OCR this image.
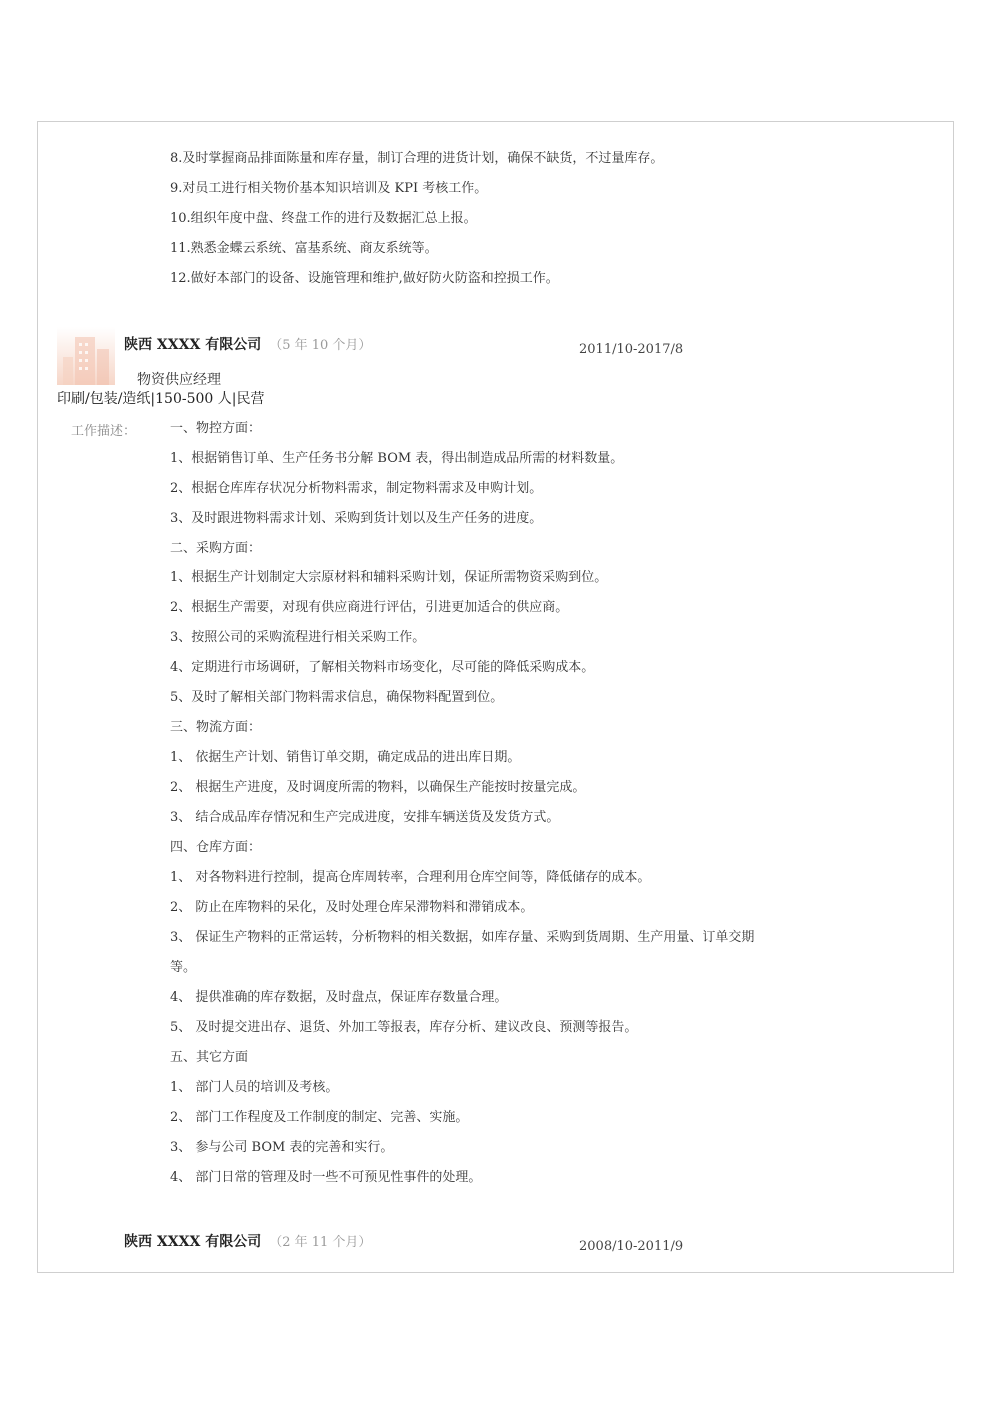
8.及时掌握商品排面陈量和库存量，制订合理的进货计划，确保不缺货，不过量库存。
9.对员工进行相关物价基本知识培训及 KPI 考核工作。
10.组织年度中盘、终盘工作的进行及数据汇总上报。
11.熟悉金蝶云系统、富基系统、商友系统等。
12.做好本部门的设备、设施管理和维护,做好防火防盗和控损工作。
陕西 XXXX 有限公司 （5 年 10 个月）	2011/10-2017/8
物资供应经理
印刷/包装/造纸|150-500 人|民营
工作描述：	一、物控方面：
1、根据销售订单、生产任务书分解 BOM 表，得出制造成品所需的材料数量。
2、根据仓库库存状况分析物料需求，制定物料需求及申购计划。
3、及时跟进物料需求计划、采购到货计划以及生产任务的进度。
二、采购方面：
1、根据生产计划制定大宗原材料和辅料采购计划，保证所需物资采购到位。
2、根据生产需要，对现有供应商进行评估，引进更加适合的供应商。
3、按照公司的采购流程进行相关采购工作。
4、定期进行市场调研，了解相关物料市场变化，尽可能的降低采购成本。
5、及时了解相关部门物料需求信息，确保物料配置到位。
三、物流方面：
1、 依据生产计划、销售订单交期，确定成品的进出库日期。
2、 根据生产进度，及时调度所需的物料，以确保生产能按时按量完成。
3、 结合成品库存情况和生产完成进度，安排车辆送货及发货方式。
四、仓库方面：
1、 对各物料进行控制，提高仓库周转率，合理利用仓库空间等，降低储存的成本。
2、 防止在库物料的呆化，及时处理仓库呆滞物料和滞销成本。
3、 保证生产物料的正常运转，分析物料的相关数据，如库存量、采购到货周期、生产用量、订单交期
等。
4、 提供准确的库存数据，及时盘点，保证库存数量合理。
5、 及时提交进出存、退货、外加工等报表，库存分析、建议改良、预测等报告。
五、其它方面
1、 部门人员的培训及考核。
2、 部门工作程度及工作制度的制定、完善、实施。
3、 参与公司 BOM 表的完善和实行。
4、 部门日常的管理及时一些不可预见性事件的处理。
陕西 XXXX 有限公司 （2 年 11 个月）	2008/10-2011/9
